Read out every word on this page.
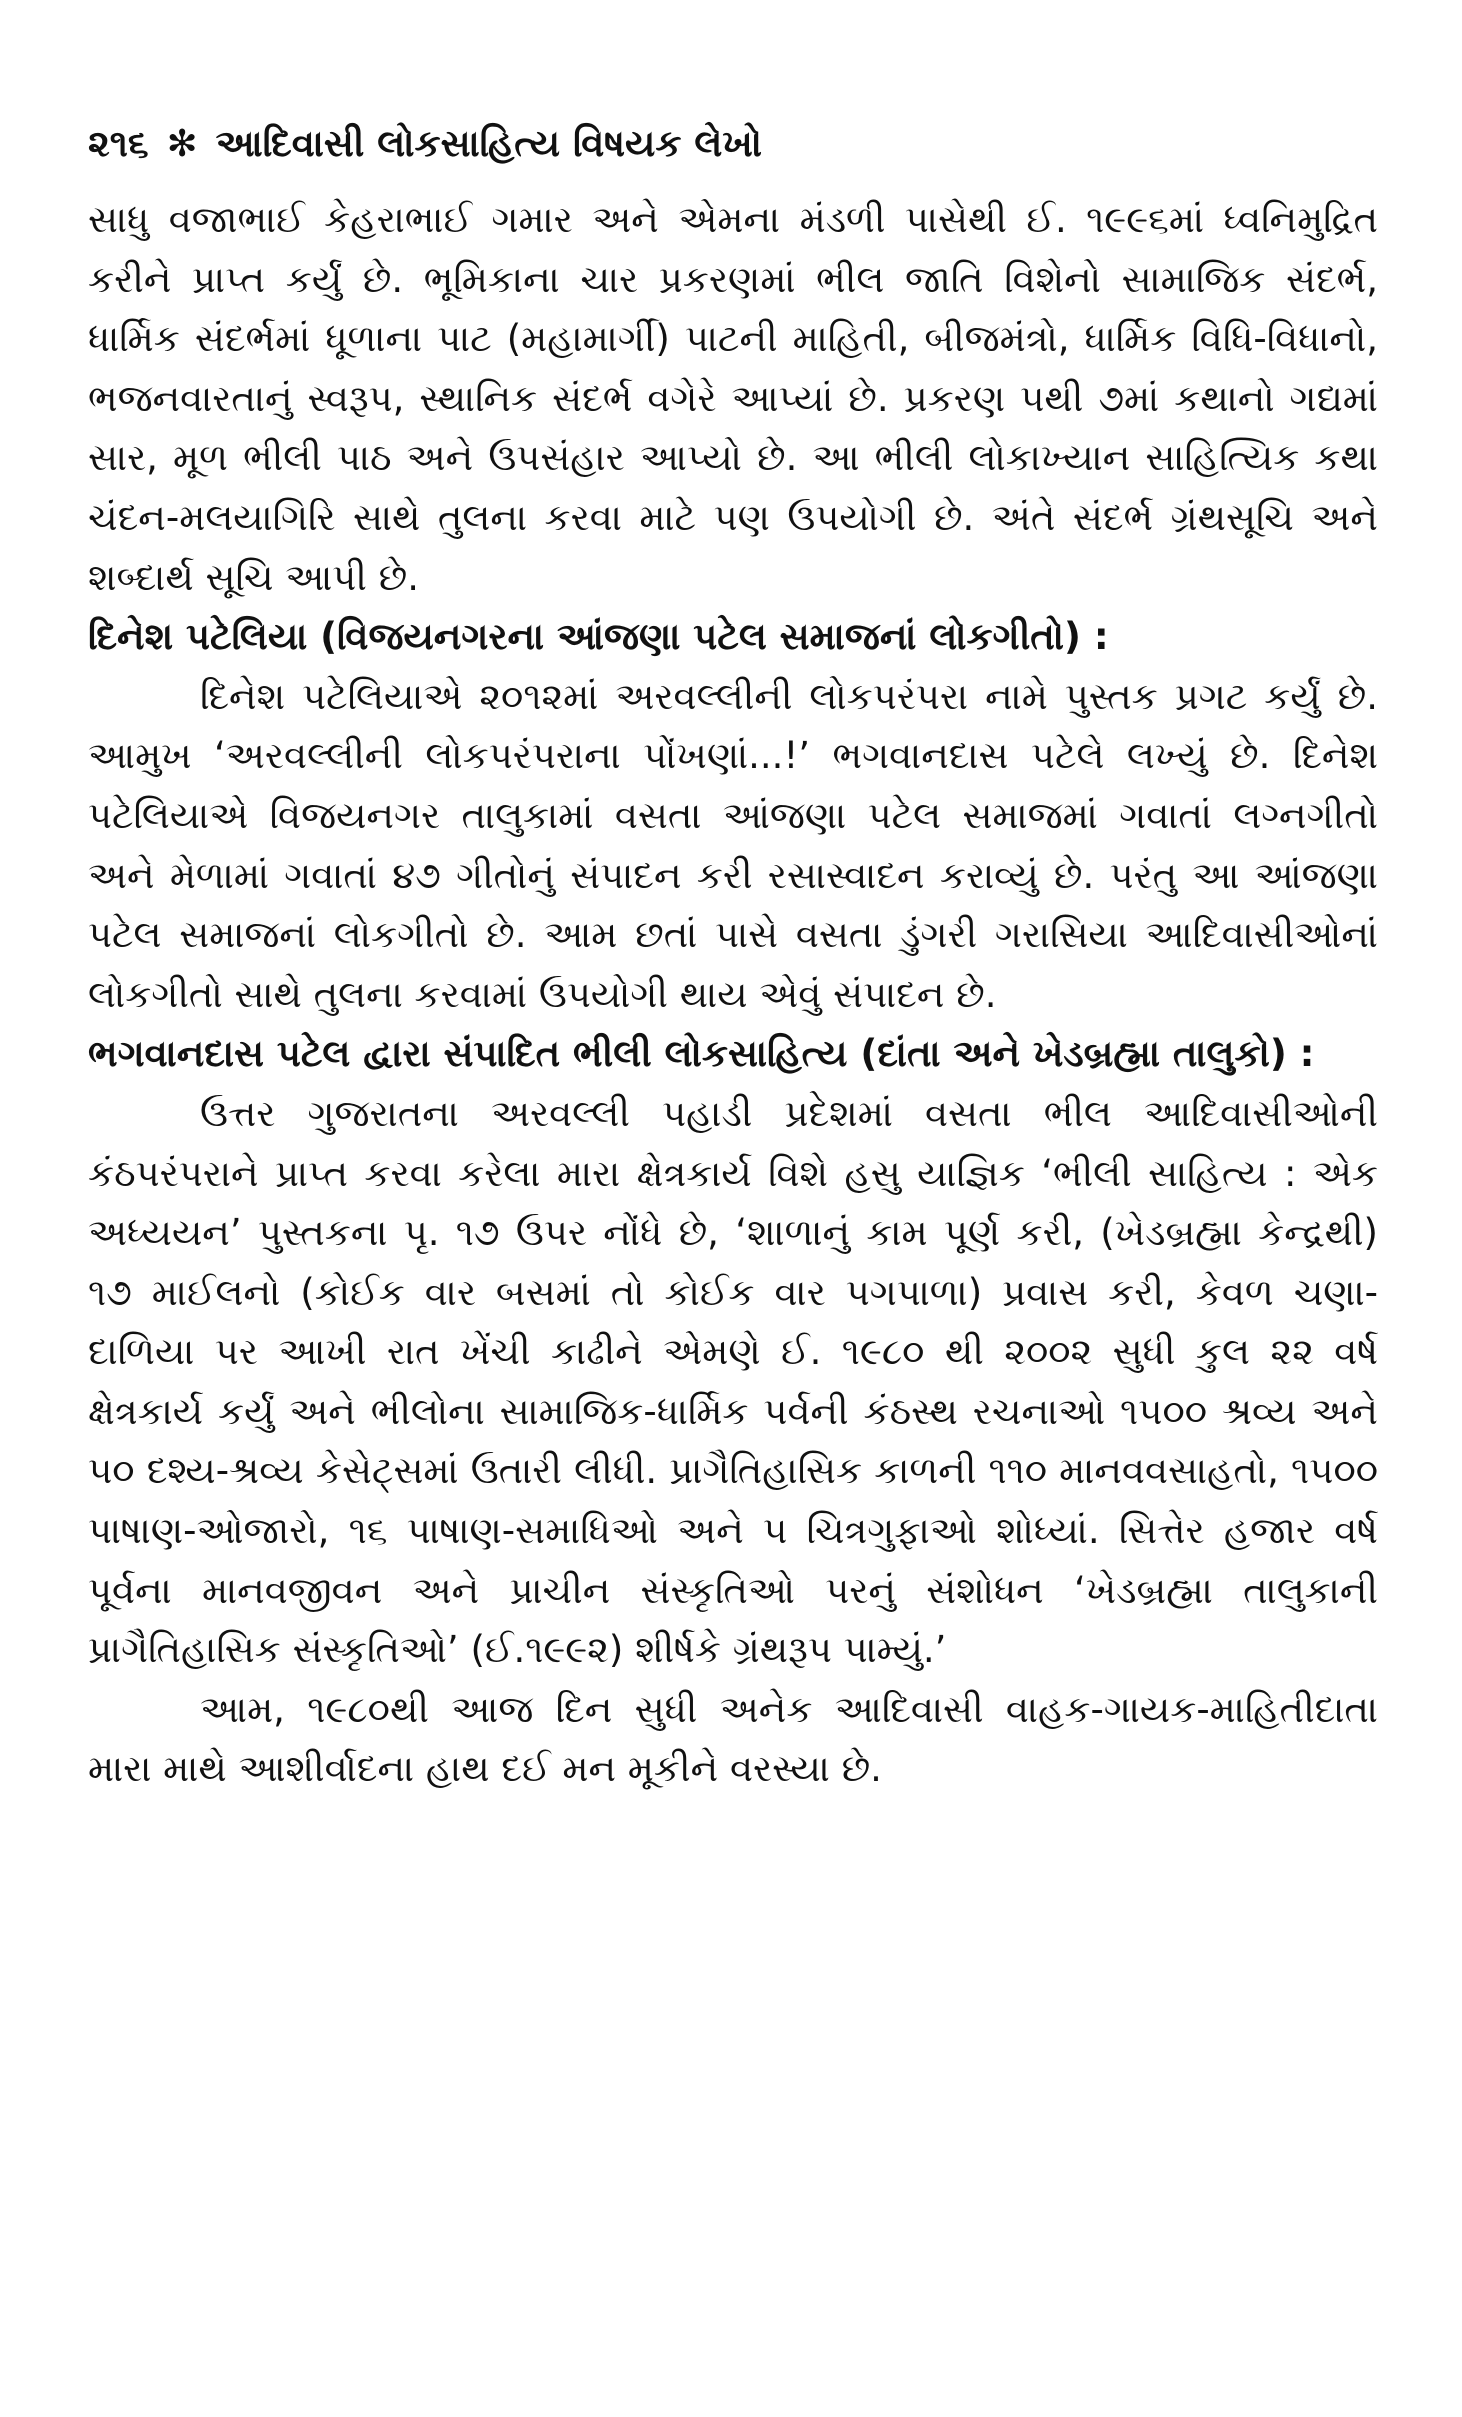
૨૧૬ ✻ આદિવાસી લોકસાહિત્ય વિષયક લેખો

સાધુ વજાભાઈ કેહરાભાઈ ગમાર અને એમના મંડળી પાસેથી ઈ. ૧૯૯૬માં ધ્વનિમુદ્રિત કરીને પ્રાપ્ત કર્યું છે. ભૂમિકાના ચાર પ્રકરણમાં ભીલ જાતિ વિશેનો સામાજિક સંદર્ભ, ધાર્મિક સંદર્ભમાં ધૂળાના પાટ (મહામાર્ગી) પાટની માહિતી, બીજમંત્રો, ધાર્મિક વિધિ-વિધાનો, ભજનવારતાનું સ્વરૂપ, સ્થાનિક સંદર્ભ વગેરે આપ્યાં છે. પ્રકરણ ૫થી ૭માં કથાનો ગદ્યમાં સાર, મૂળ ભીલી પાઠ અને ઉપસંહાર આપ્યો છે. આ ભીલી લોકાખ્યાન સાહિત્યિક કથા ચંદન-મલયાગિરિ સાથે તુલના કરવા માટે પણ ઉપયોગી છે. અંતે સંદર્ભ ગ્રંથસૂચિ અને શબ્દાર્થ સૂચિ આપી છે.

દિનેશ પટેલિયા (વિજયનગરના આંજણા પટેલ સમાજનાં લોકગીતો) :

દિનેશ પટેલિયાએ ૨૦૧૨માં અરવલ્લીની લોકપરંપરા નામે પુસ્તક પ્રગટ કર્યું છે. આમુખ ‘અરવલ્લીની લોકપરંપરાના પોંખણાં...!’ ભગવાનદાસ પટેલે લખ્યું છે. દિનેશ પટેલિયાએ વિજયનગર તાલુકામાં વસતા આંજણા પટેલ સમાજમાં ગવાતાં લગ્નગીતો અને મેળામાં ગવાતાં ૪૭ ગીતોનું સંપાદન કરી રસાસ્વાદન કરાવ્યું છે. પરંતુ આ આંજણા પટેલ સમાજનાં લોકગીતો છે. આમ છતાં પાસે વસતા ડુંગરી ગરાસિયા આદિવાસીઓનાં લોકગીતો સાથે તુલના કરવામાં ઉપયોગી થાય એવું સંપાદન છે.

ભગવાનદાસ પટેલ દ્વારા સંપાદિત ભીલી લોકસાહિત્ય (દાંતા અને ખેડબ્રહ્મા તાલુકો) :

ઉત્તર ગુજરાતના અરવલ્લી પહાડી પ્રદેશમાં વસતા ભીલ આદિવાસીઓની કંઠપરંપરાને પ્રાપ્ત કરવા કરેલા મારા ક્ષેત્રકાર્ય વિશે હસુ યાજ્ઞિક ‘ભીલી સાહિત્ય : એક અધ્યયન’ પુસ્તકના પૃ. ૧૭ ઉપર નોંધે છે, ‘શાળાનું કામ પૂર્ણ કરી, (ખેડબ્રહ્મા કેન્દ્રથી) ૧૭ માઈલનો (કોઈક વાર બસમાં તો કોઈક વાર પગપાળા) પ્રવાસ કરી, કેવળ ચણા-દાળિયા પર આખી રાત ખેંચી કાઢીને એમણે ઈ. ૧૯૮૦ થી ૨૦૦૨ સુધી કુલ ૨૨ વર્ષ ક્ષેત્રકાર્ય કર્યું અને ભીલોના સામાજિક-ધાર્મિક પર્વની કંઠસ્થ રચનાઓ ૧૫૦૦ શ્રવ્ય અને ૫૦ દશ્ય-શ્રવ્ય કેસેટ્સમાં ઉતારી લીધી. પ્રાગૈતિહાસિક કાળની ૧૧૦ માનવવસાહતો, ૧૫૦૦ પાષાણ-ઓજારો, ૧૬ પાષાણ-સમાધિઓ અને ૫ ચિત્રગુફાઓ શોધ્યાં. સિત્તેર હજાર વર્ષ પૂર્વના માનવજીવન અને પ્રાચીન સંસ્કૃતિઓ પરનું સંશોધન ‘ખેડબ્રહ્મા તાલુકાની પ્રાગૈતિહાસિક સંસ્કૃતિઓ’ (ઈ.૧૯૯૨) શીર્ષકે ગ્રંથરૂપ પામ્યું.’

આમ, ૧૯૮૦થી આજ દિન સુધી અનેક આદિવાસી વાહક-ગાયક-માહિતીદાતા મારા માથે આશીર્વાદના હાથ દઈ મન મૂકીને વરસ્યા છે.
